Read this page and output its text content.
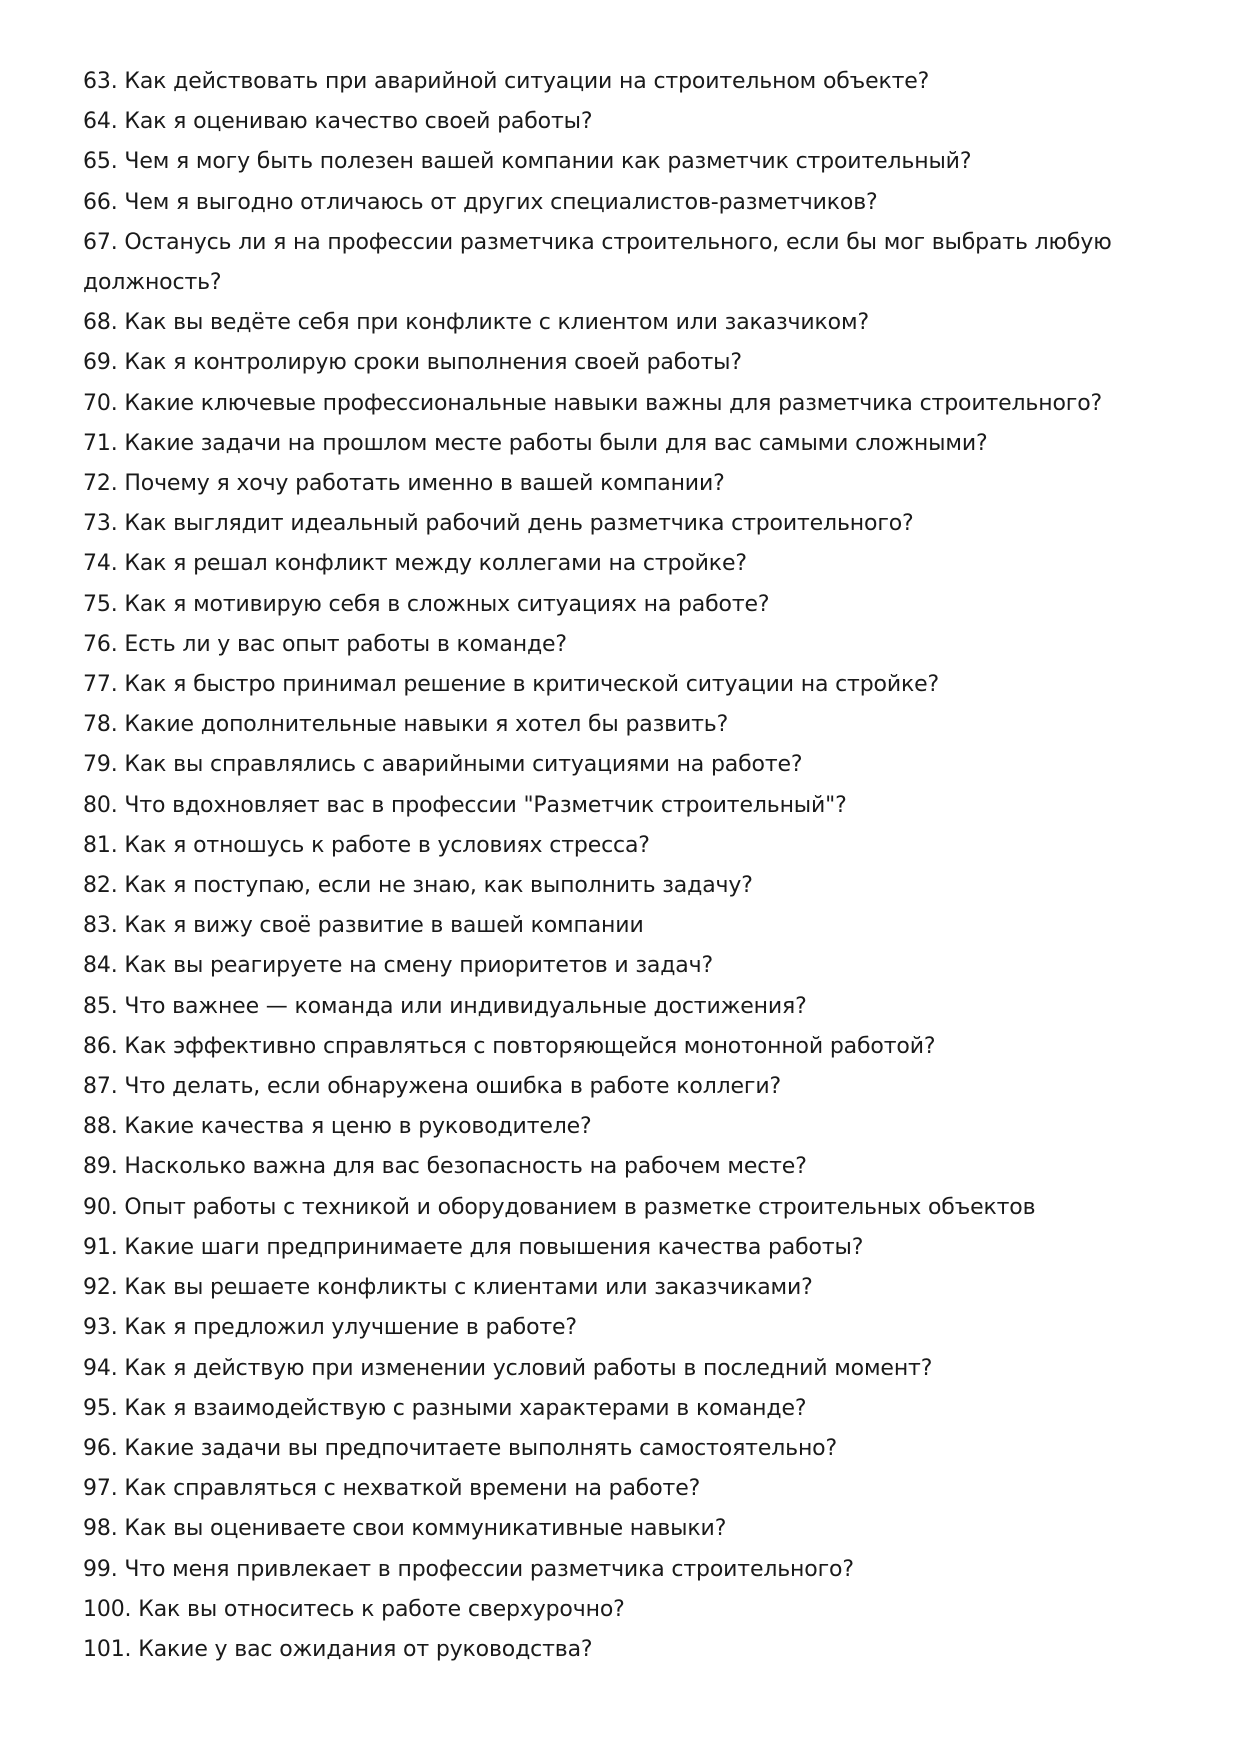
63. Как действовать при аварийной ситуации на строительном объекте?

64. Как я оцениваю качество своей работы?

65. Чем я могу быть полезен вашей компании как разметчик строительный?

66. Чем я выгодно отличаюсь от других специалистов-разметчиков?

67. Останусь ли я на профессии разметчика строительного, если бы мог выбрать любую должность?

68. Как вы ведёте себя при конфликте с клиентом или заказчиком?

69. Как я контролирую сроки выполнения своей работы?

70. Какие ключевые профессиональные навыки важны для разметчика строительного?

71. Какие задачи на прошлом месте работы были для вас самыми сложными?

72. Почему я хочу работать именно в вашей компании?

73. Как выглядит идеальный рабочий день разметчика строительного?

74. Как я решал конфликт между коллегами на стройке?

75. Как я мотивирую себя в сложных ситуациях на работе?

76. Есть ли у вас опыт работы в команде?

77. Как я быстро принимал решение в критической ситуации на стройке?

78. Какие дополнительные навыки я хотел бы развить?

79. Как вы справлялись с аварийными ситуациями на работе?

80. Что вдохновляет вас в профессии "Разметчик строительный"?

81. Как я отношусь к работе в условиях стресса?

82. Как я поступаю, если не знаю, как выполнить задачу?

83. Как я вижу своё развитие в вашей компании

84. Как вы реагируете на смену приоритетов и задач?

85. Что важнее — команда или индивидуальные достижения?

86. Как эффективно справляться с повторяющейся монотонной работой?

87. Что делать, если обнаружена ошибка в работе коллеги?

88. Какие качества я ценю в руководителе?

89. Насколько важна для вас безопасность на рабочем месте?

90. Опыт работы с техникой и оборудованием в разметке строительных объектов

91. Какие шаги предпринимаете для повышения качества работы?

92. Как вы решаете конфликты с клиентами или заказчиками?

93. Как я предложил улучшение в работе?

94. Как я действую при изменении условий работы в последний момент?

95. Как я взаимодействую с разными характерами в команде?

96. Какие задачи вы предпочитаете выполнять самостоятельно?

97. Как справляться с нехваткой времени на работе?

98. Как вы оцениваете свои коммуникативные навыки?

99. Что меня привлекает в профессии разметчика строительного?

100. Как вы относитесь к работе сверхурочно?

101. Какие у вас ожидания от руководства?
